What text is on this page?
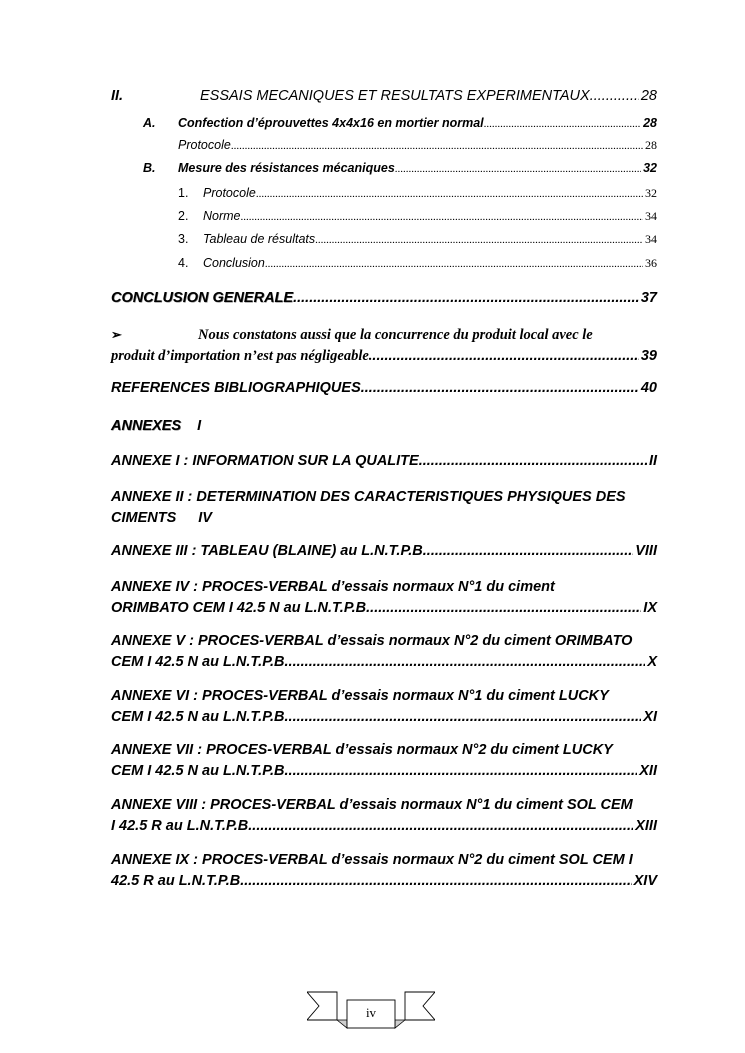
II.	ESSAIS MECANIQUES ET RESULTATS EXPERIMENTAUX .....	28
A.	Confection d’éprouvettes 4x4x16 en mortier normal .....	28
Protocole .....	28
B.	Mesure des résistances mécaniques .....	32
1.	Protocole .....	32
2.	Norme .....	34
3.	Tableau de résultats .....	34
4.	Conclusion .....	36
CONCLUSION GENERALE .....	37
➢	Nous constatons aussi que la concurrence du produit local avec le
produit d’importation n’est pas négligeable. .....	39
REFERENCES BIBLIOGRAPHIQUES .....	40
ANNEXES	I
ANNEXE I : INFORMATION SUR LA QUALITE .....	II
ANNEXE II : DETERMINATION DES CARACTERISTIQUES PHYSIQUES DES
CIMENTS IV
ANNEXE III : TABLEAU (BLAINE) au L.N.T.P.B .....	VIII
ANNEXE IV : PROCES-VERBAL d’essais normaux N°1 du ciment
ORIMBATO CEM I 42.5 N au L.N.T.P.B .....	IX
ANNEXE V : PROCES-VERBAL d’essais normaux N°2 du ciment ORIMBATO
CEM I 42.5 N au L.N.T.P.B. .....	X
ANNEXE VI : PROCES-VERBAL d’essais normaux N°1 du ciment LUCKY
CEM I 42.5 N au L.N.T.P.B. .....	XI
ANNEXE VII : PROCES-VERBAL d’essais normaux N°2 du ciment LUCKY
CEM I 42.5 N au L.N.T.P.B. .....	XII
ANNEXE VIII : PROCES-VERBAL d’essais normaux N°1 du ciment SOL CEM
I 42.5 R au L.N.T.P.B. .....	XIII
ANNEXE IX : PROCES-VERBAL d’essais normaux N°2 du ciment SOL CEM I
42.5 R au L.N.T.P.B. .....	XIV
iv
